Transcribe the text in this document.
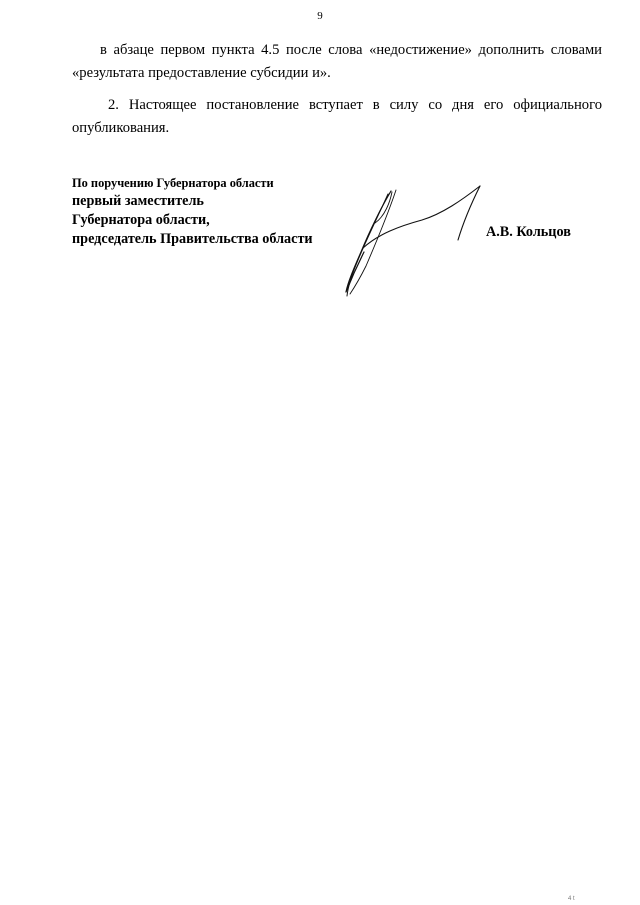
9
в абзаце первом пункта 4.5 после слова «недостижение» дополнить словами
«результата предоставление субсидии и».
2. Настоящее постановление вступает в силу со дня его официального
опубликования.
По поручению Губернатора области
первый заместитель
Губернатора области,
председатель Правительства области	А.В. Кольцов
4 t
